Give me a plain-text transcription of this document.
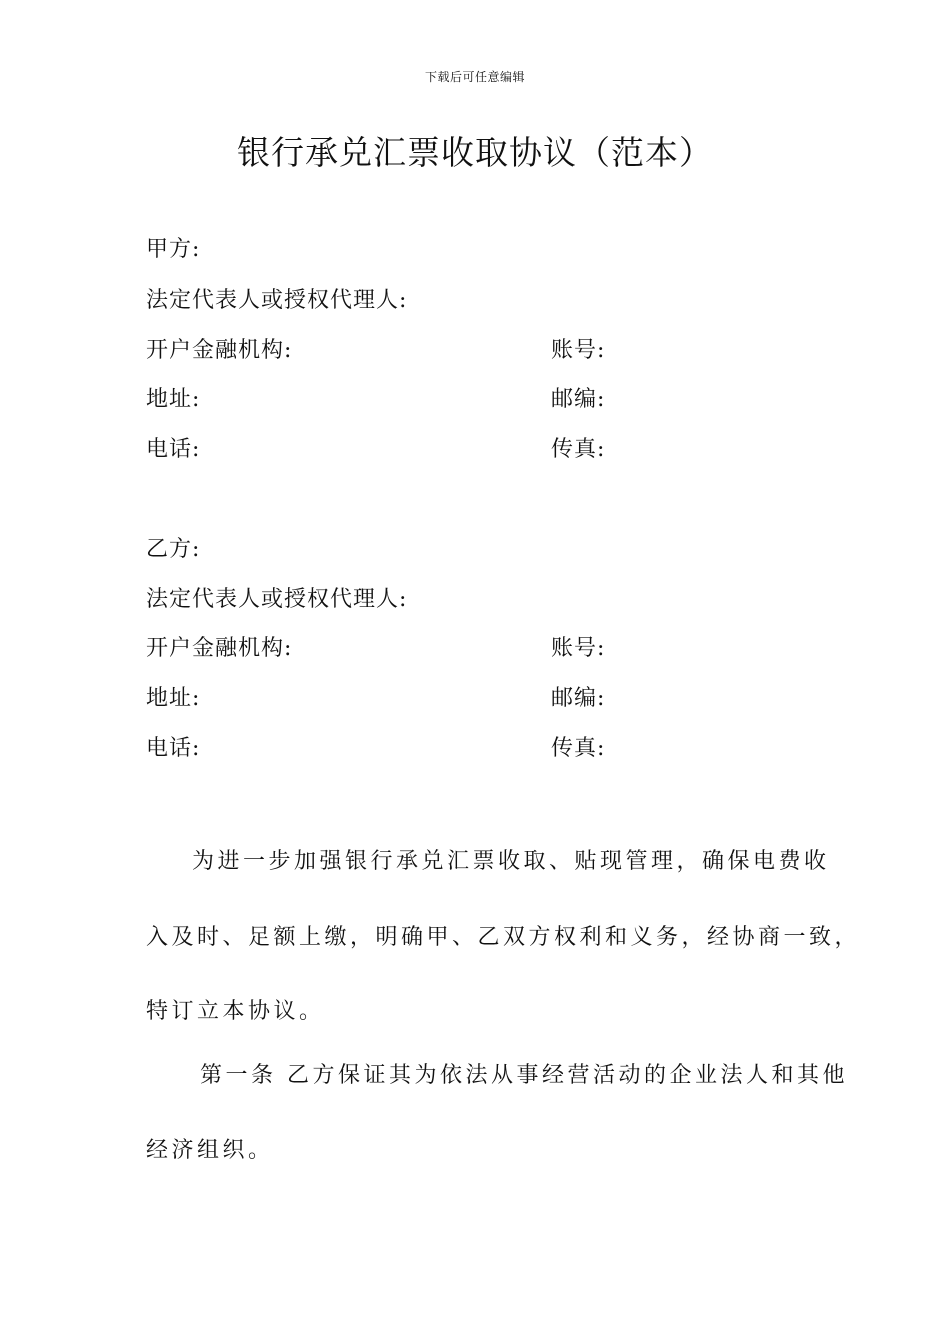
下载后可任意编辑
银行承兑汇票收取协议（范本）
甲方:
法定代表人或授权代理人:
开户金融机构:	账号:
地址:	邮编:
电话:	传真:
乙方:
法定代表人或授权代理人:
开户金融机构:	账号:
地址:	邮编:
电话:	传真:
为进一步加强银行承兑汇票收取、贴现管理，确保电费收
入及时、足额上缴，明确甲、乙双方权利和义务，经协商一致，
特订立本协议。
第一条 乙方保证其为依法从事经营活动的企业法人和其他
经济组织。
